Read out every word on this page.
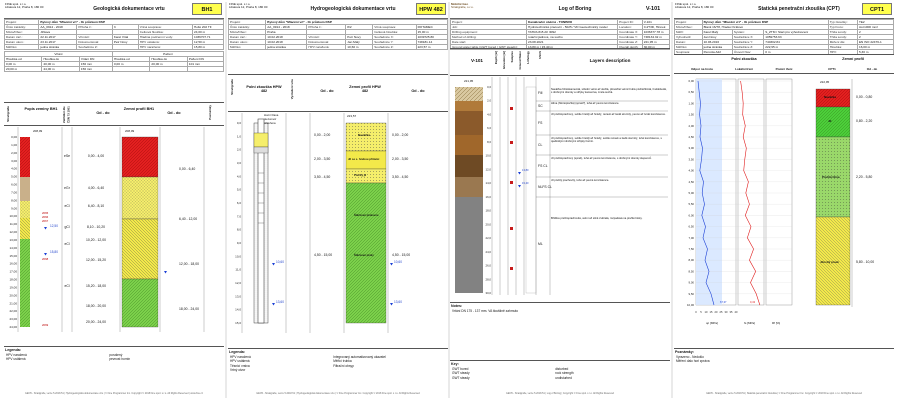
FINE spol. s r.o.
Libalova 12, Praha 8, 180 00	Geologická dokumentace vrtu	BH1
Projekt:	Bytový dům "Mlacění vrt" - IG průzkum DSP				
Číslo zakázky:	AA_0914 - 2018	Příloha č.:	3	Vrtná souprava:	Hollé 202 TF
Místo/Obec:	Jihlava			Celková hloubka:	24,00 m
Datum zač.:	22.11.2017	Vrtmistr:	Karel Vrtal	Hladina podzemní vody:	1036707.71
Datum ukon.:	23.11.2017	Dokumentoval:	Petr Novy	HPV ustálená:	12,50 m
Měřítko:	jedna stránka	Souřadnice Z:		HPV naražená:	15,80 m
Vrtání			Pažení		
Hloubka od	Hloubka do	Vrtání DN	Hloubka od	Hloubka do	Pažení DN
0,00 m	20,00 m	156 mm	0,00 m	20,00 m	101 mm
20,00 m	24,00 m	156 mm			
Stratigrafie	Popis zeminy BH1	Zatřídění dle ČSN 73 1001	Od - do
Zemní profil BH1
Od - do	Poznámky
0,00
1,00
2,00
3,00
4,00
5,00
6,00
7,00
8,00
9,00
10,00
11,00
12,00
13,00
14,00
15,00
16,00
17,00
18,00
19,00
20,00
21,00
22,00
23,00
24,00
eSe
eGr
eCl
gCl
eCl
eCl
0,00 - 4,00
4,00 - 6,40
6,40 - 8,10
8,10 - 10,20
10,20 - 12,00
12,00 - 15,20
15,20 - 18,00
18,00 - 20,00
20,00 - 24,00
12,50
15,80
208,09	208,09
2065
2066
2067
2068
2069
0,00 - 6,40
6,40 - 12,00
12,00 - 18,00
18,00 - 24,00
Legenda:
HPV naražená	porušený HPV ustálená	pevnost hornin
GEO5 - Stratigrafie, verze 5.2018.51 | Hydrogeologická dokumentace vrtu | © Fine Programmer Inc. Copyright © 2018 Fine spol. s r.o. All Rights Reserved | www.fine.cz
FINE spol. s r.o.
Libalova 12, Praha 8, 180 00	Hydrogeologická dokumentace vrtu	HPW 482
Projekt:	Bytový dům "Mlacění vrt" - IG průzkum DSP				
Číslo zakázky:	AA_0914 - 2018	Příloha č.:	8/2	Vrtná souprava:	ROTAMEC
Místo/Obec:	Praha			Celková hloubka:	15,00 m
Datum zač.:	10.02.2018	Vrtmistr:	Petr Novy	Souřadnice X:	1039725.80
Datum ukon.:	10.02.2018	Dokumentoval:	Jan Malý	Souřadnice Y:	748181.14
Měřítko:	jedna stránka	HPV naražená:	10,60 m	Souřadnice Z:	223,57 m
Stratigrafie	Polní zkouška HPW 482	Vyztužení vrtu	Od - do
Zemní profil HPW 482	Od - do
0,0
1,0
2,0
3,0
4,0
5,0
6,0
7,0
8,0
9,0
10,0
11,0
12,0
13,0
14,0
15,0
Horní hlava piezometr uzavřena
223,57
0,00 - 2,00
2,00 - 3,50
3,50 - 4,50
4,50 - 15,00
Navážka
Jíl se s. hrubou příměsí
Písčitý jíl
Štěrkové pískovce
Štěrkové písky
0,00 - 2,00
2,00 - 3,50
3,50 - 4,50
4,50 - 15,00
10,60
13,60
10,60
13,60
Legenda:
HPV naražená	Integrovaný automatizovaný ukazatel HPV ustálená	Měřicí trubka Těsnicí vrstva	Filtrační obsyp Vrtný otvor
GEO5 - Stratigrafie, verze 5.2018.51 | Hydrogeologická dokumentace vrtu | © Fine Programmer Inc. Copyright © 2018 Fine spol. s r.o. All Rights Reserved
Mobilní Geo
Stratigrafie, s.r.o.	Log of Boring	V-101
Project:	Kanalizační sběrná - TONBRO	Project ID:	V-101
Job:	Hydrotechnické pracovní - 5025 / VD Geotechnický model	Location:	CJ/73D, Hinnek
Drilling equipment:	TATRA 815 AV 3092	Coordinate X:	1036377.78 m
Method of drilling:	rotační jádrové, na sucho	Coordinate Y:	748134.32 m
Date start:	23.08.2021	Coordinate Z:	221,95 m
Ground water table (GWT bored / GWT steady):	13,80 m / 15,40 m	Overall depth:	30,00 m
V-101	Depth [m]	Elevation [m]	Samples	Ground Water	Lithology	USCS
Layers description
0,0
2,0
4,0
6,0
8,0
10,0
12,0
14,0
16,0
18,0
20,0
22,0
24,0
26,0
28,0
30,0
221,95
Fill
SC
FS
CL
FS CL
NLFS CL
ML
Navážka hlinitokamenitá, střední velmi až ulehlá, převážně velmi hrubá písčitohlinitá, hnědošedá, s drobnými úlomky a střípky kameniva, zcela suchá.
Hlína (hlinitopísčitá) (spraš?), tuhá až pevné konzistence.
Jíl písčitoprachový, světle hnědý až hnědý, rezavě až šedě skvrnitý, pevné až tvrdé konzistence.
Jíl písčitoprachový, světle hnědý až hnědý, světle rezavě a šedě skvrnitý, tuhé konzistence, s ojedinělými drobnými střípky hornin.
Jíl písčitoprachový (spraš), tuhé až pevné konzistence, s drobnými úlomky slepenců.
Jíl písčitý prachovitý, tuhé až pevné konzistence.
Břidlice písčitoprachovitá, velmi až silně zvětralá, rozpadavá na písčité bloky.
13,80
15,40
Notes:
Vrtání DN 175 - 137 mm. VA tlouštině zahrnuto
Key:
GWT bored	disturbed GWT steady	rock strength GWT steady	undisturbed
GEO5 - Stratigrafie, verze 5.2018.51 | Log of Boring | Copyright © Fine spol. s r.o. All Rights Reserved
FINE spol. s r.o.
Libalova 12, Praha 8, 180 00	Statická penetrační zkouška (CPT)	CPT1
Projekt:	Bytový dům "Mlacění vrt" - IG průzkum DSP			Typ zkoušky:	TE2
Místo/Obec:	Blank 16/78, Hradec Králové			Typ hrotu:	Acc1000 mm²
Měřil:	Karel Malý	Systém:	S_ZTM / Start pro vyhodnocení	Třída sondy:	2
Vyhodnotil:	Jan Novy	Souřadnice X:	1059753.63	Třída sondy:	2
Datum:	10.06.2016	Souřadnice Y:	740302.84	Měření dle:	EN ISO 22476-1
Měřítko:	jedna stránka	Souřadnice Z:	222,95 m	Hloubka:	16,00 m
Souprava:	Pencola A22	Úroveň hlav:	0 m	HPV:	5,30 m
Polní zkouška	Zemní profil
Odpor na hrotu	Lokální tření	Poměr tření	CPT1	Od - do
0,00
0,50
1,00
1,50
2,00
2,50
3,00
3,50
4,00
4,50
5,00
5,50
6,00
6,50
7,00
7,50
8,00
8,50
9,00
9,50
10,00
0 5 10 15 20 25 30 35 40
222,95
Navážka
Jíl
Písčitá hlína
Jílovitý písek
0,00 - 0,80
0,80 - 2,20
2,20 - 5,80
5,80 - 10,00
67,37	0,43
qc [MPa]	fs [MPa]	Rf [%]
Poznámky:
Vyrazeno - Nedošlo
Měření dalo hori zpráva
GEO5 - Stratigrafie, verze 5.2018.51 | Statická penetrační zkouška | © Fine Programmer Inc. Copyright © 2018 Fine spol. s r.o. All Rights Reserved
